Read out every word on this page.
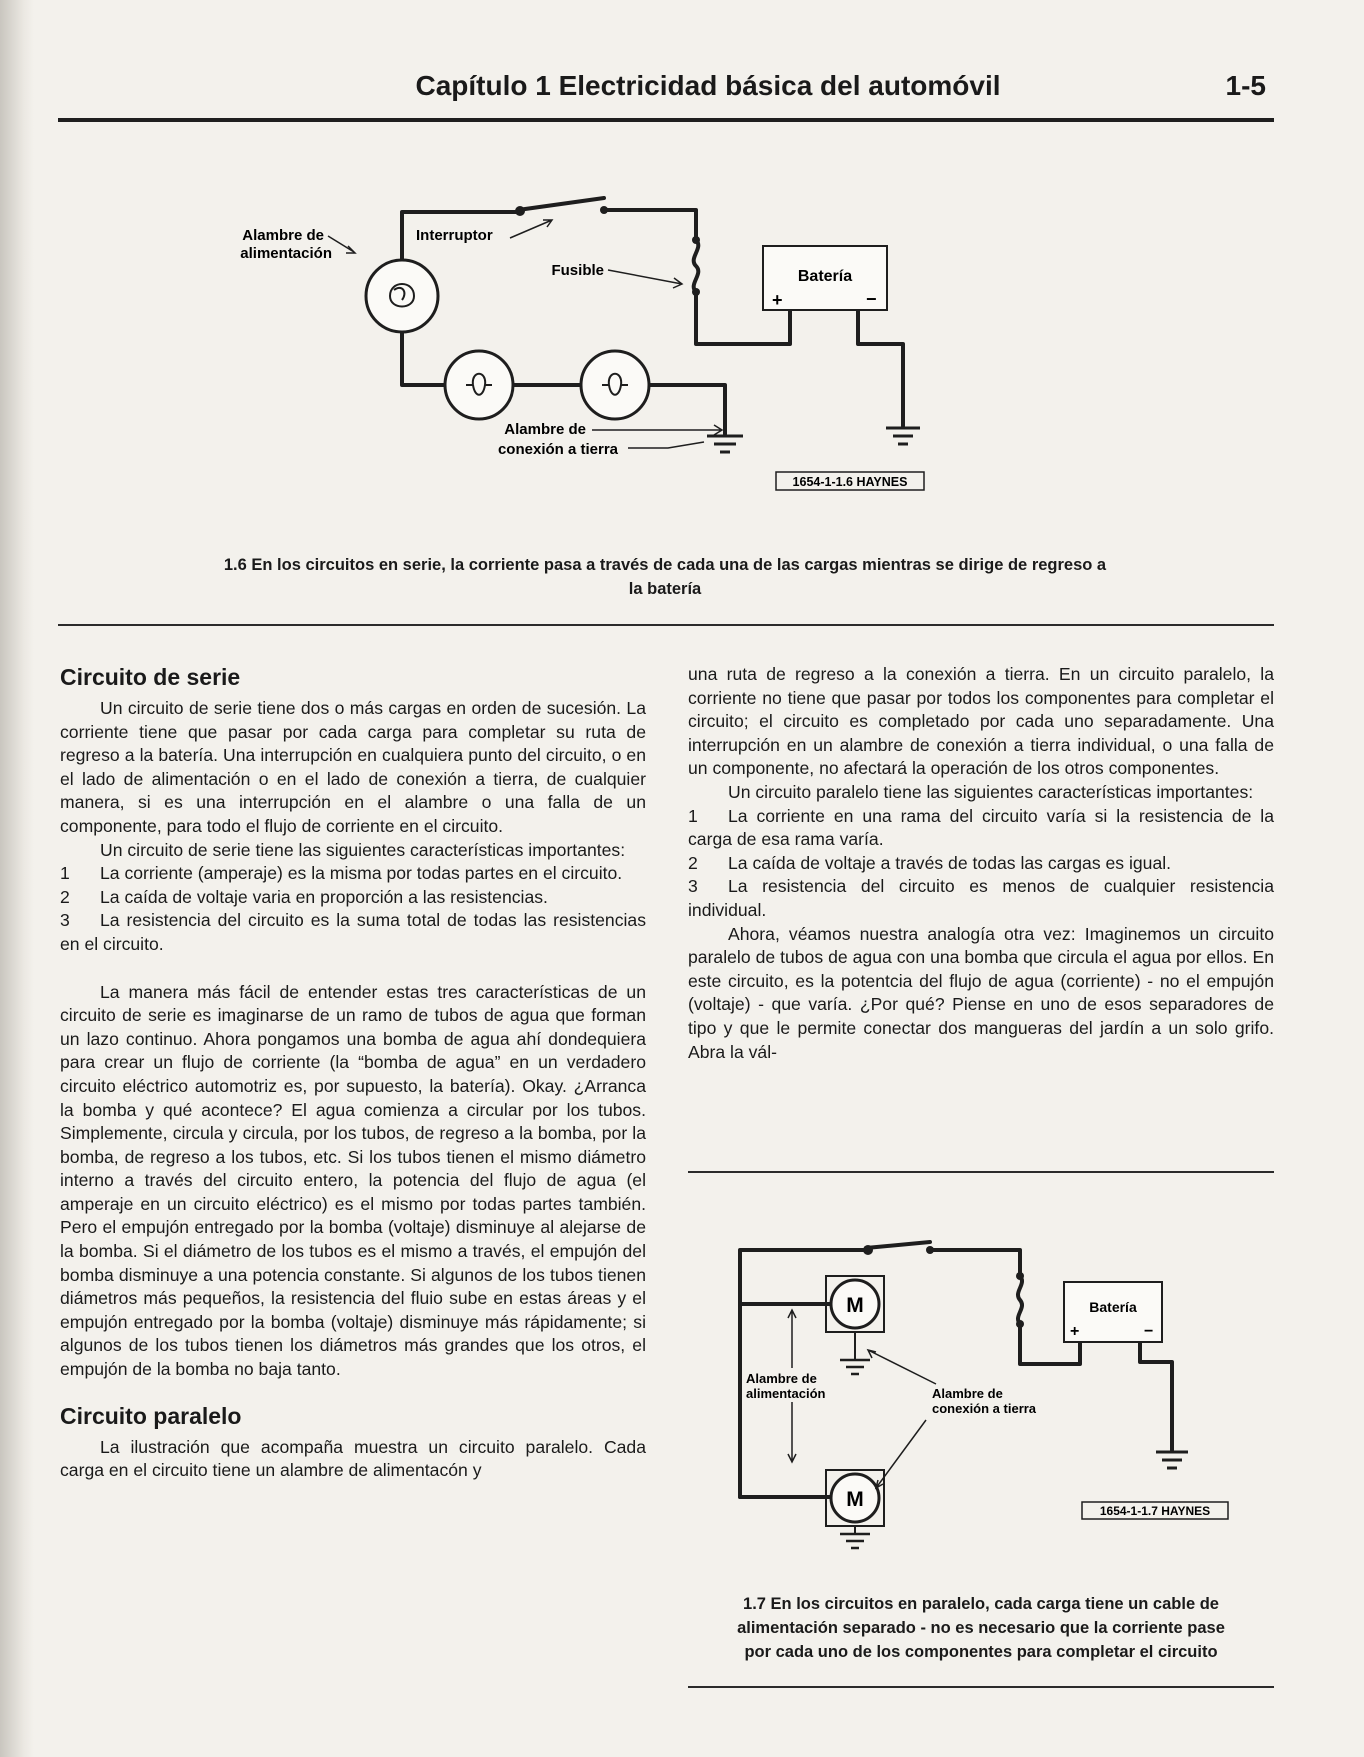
Capítulo 1 Electricidad básica del automóvil	1-5
Batería
+	−
Alambre de
alimentación
Interruptor
Fusible
Alambre de
conexión a tierra
1654-1-1.6 HAYNES
1.6 En los circuitos en serie, la corriente pasa a través de cada una de las cargas mientras se dirige de regreso a
la batería
Circuito de serie

Un circuito de serie tiene dos o más cargas en orden de sucesión. La corriente tiene que pasar por cada carga para completar su ruta de regreso a la batería. Una interrupción en cualquiera punto del circuito, o en el lado de alimentación o en el lado de conexión a tierra, de cualquier manera, si es una interrupción en el alambre o una falla de un componente, para todo el flujo de corriente en el circuito.

Un circuito de serie tiene las siguientes características importantes:

1 La corriente (amperaje) es la misma por todas partes en el circuito.

2 La caída de voltaje varia en proporción a las resistencias.

3 La resistencia del circuito es la suma total de todas las resistencias en el circuito.

La manera más fácil de entender estas tres características de un circuito de serie es imaginarse de un ramo de tubos de agua que forman un lazo continuo. Ahora pongamos una bomba de agua ahí dondequiera para crear un flujo de corriente (la “bomba de agua” en un verdadero circuito eléctrico automotriz es, por supuesto, la batería). Okay. ¿Arranca la bomba y qué acontece? El agua comienza a circular por los tubos. Simplemente, circula y circula, por los tubos, de regreso a la bomba, por la bomba, de regreso a los tubos, etc. Si los tubos tienen el mismo diámetro interno a través del circuito entero, la potencia del flujo de agua (el amperaje en un circuito eléctrico) es el mismo por todas partes también. Pero el empujón entregado por la bomba (voltaje) disminuye al alejarse de la bomba. Si el diámetro de los tubos es el mismo a través, el empujón del bomba disminuye a una potencia constante. Si algunos de los tubos tienen diámetros más pequeños, la resistencia del fluio sube en estas áreas y el empujón entregado por la bomba (voltaje) disminuye más rápidamente; si algunos de los tubos tienen los diámetros más grandes que los otros, el empujón de la bomba no baja tanto.

Circuito paralelo

La ilustración que acompaña muestra un circuito paralelo. Cada carga en el circuito tiene un alambre de alimentacón y

una ruta de regreso a la conexión a tierra. En un circuito paralelo, la corriente no tiene que pasar por todos los componentes para completar el circuito; el circuito es completado por cada uno separadamente. Una interrupción en un alambre de conexión a tierra individual, o una falla de un componente, no afectará la operación de los otros componentes.

Un circuito paralelo tiene las siguientes características importantes:

1 La corriente en una rama del circuito varía si la resistencia de la carga de esa rama varía.

2 La caída de voltaje a través de todas las cargas es igual.

3 La resistencia del circuito es menos de cualquier resistencia individual.

Ahora, véamos nuestra analogía otra vez: Imaginemos un circuito paralelo de tubos de agua con una bomba que circula el agua por ellos. En este circuito, es la potentcia del flujo de agua (corriente) - no el empujón (voltaje) - que varía. ¿Por qué? Piense en uno de esos separadores de tipo y que le permite conectar dos mangueras del jardín a un solo grifo. Abra la vál-

M
M
Batería
+	−
Alambre de
alimentación	Alambre de
conexión a tierra
1654-1-1.7 HAYNES
1.7 En los circuitos en paralelo, cada carga tiene un cable de
alimentación separado - no es necesario que la corriente pase
por cada uno de los componentes para completar el circuito
